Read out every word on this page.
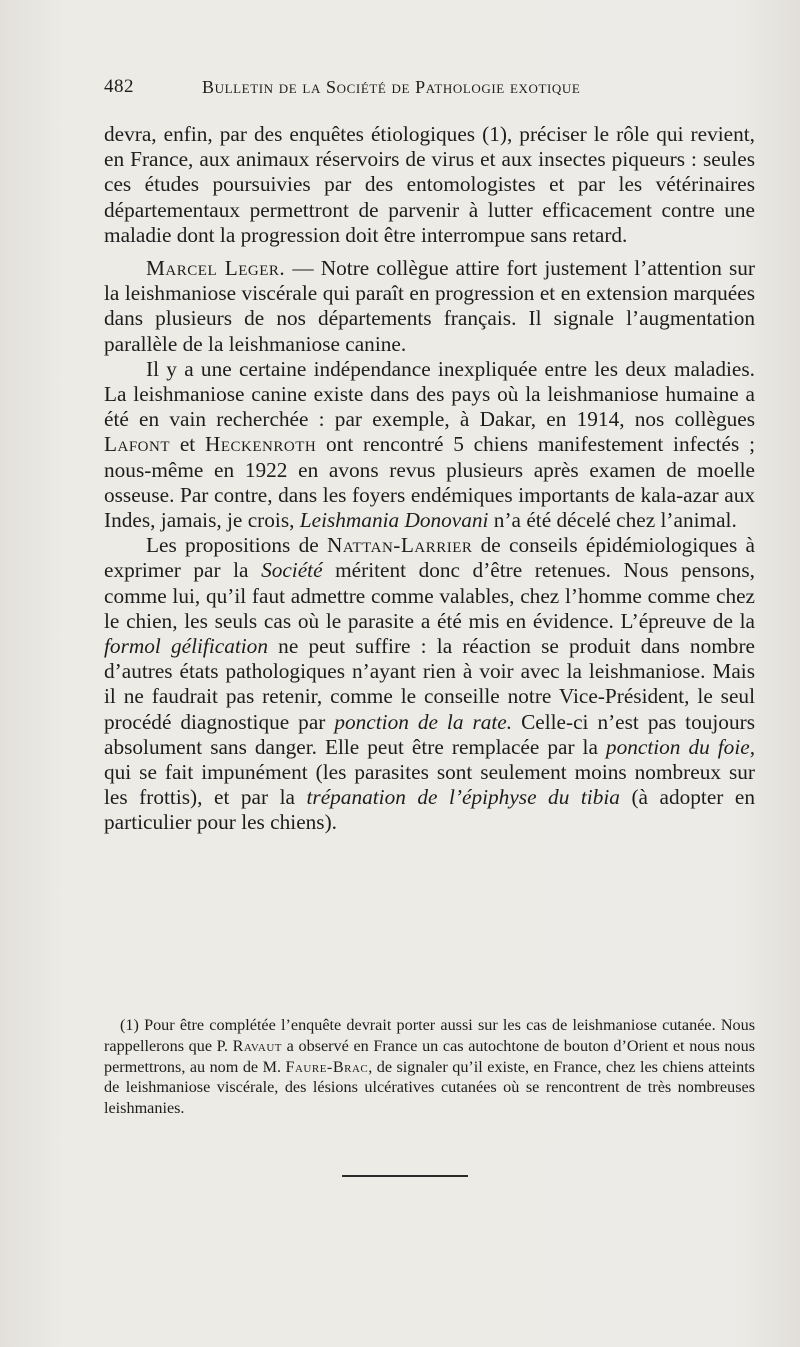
482	Bulletin de la Société de Pathologie exotique

devra, enfin, par des enquêtes étiologiques (1), préciser le rôle qui revient, en France, aux animaux réservoirs de virus et aux insectes piqueurs : seules ces études poursuivies par des entomologistes et par les vétérinaires départementaux permettront de parvenir à lutter efficacement contre une maladie dont la progression doit être interrompue sans retard.

Marcel Leger. — Notre collègue attire fort justement l’attention sur la leishmaniose viscérale qui paraît en progression et en extension marquées dans plusieurs de nos départements français. Il signale l’augmentation parallèle de la leishmaniose canine.

Il y a une certaine indépendance inexpliquée entre les deux maladies. La leishmaniose canine existe dans des pays où la leishmaniose humaine a été en vain recherchée : par exemple, à Dakar, en 1914, nos collègues Lafont et Heckenroth ont rencontré 5 chiens manifestement infectés ; nous-même en 1922 en avons revus plusieurs après examen de moelle osseuse. Par contre, dans les foyers endémiques importants de kala-azar aux Indes, jamais, je crois, Leishmania Donovani n’a été décelé chez l’animal.

Les propositions de Nattan-Larrier de conseils épidémiologiques à exprimer par la Société méritent donc d’être retenues. Nous pensons, comme lui, qu’il faut admettre comme valables, chez l’homme comme chez le chien, les seuls cas où le parasite a été mis en évidence. L’épreuve de la formol gélification ne peut suffire : la réaction se produit dans nombre d’autres états pathologiques n’ayant rien à voir avec la leishmaniose. Mais il ne faudrait pas retenir, comme le conseille notre Vice-Président, le seul procédé diagnostique par ponction de la rate. Celle-ci n’est pas toujours absolument sans danger. Elle peut être remplacée par la ponction du foie, qui se fait impunément (les parasites sont seulement moins nombreux sur les frottis), et par la trépanation de l’épiphyse du tibia (à adopter en particulier pour les chiens).

(1) Pour être complétée l’enquête devrait porter aussi sur les cas de leishmaniose cutanée. Nous rappellerons que P. Ravaut a observé en France un cas autochtone de bouton d’Orient et nous nous permettrons, au nom de M. Faure-Brac, de signaler qu’il existe, en France, chez les chiens atteints de leishmaniose viscérale, des lésions ulcératives cutanées où se rencontrent de très nombreuses leishmanies.
